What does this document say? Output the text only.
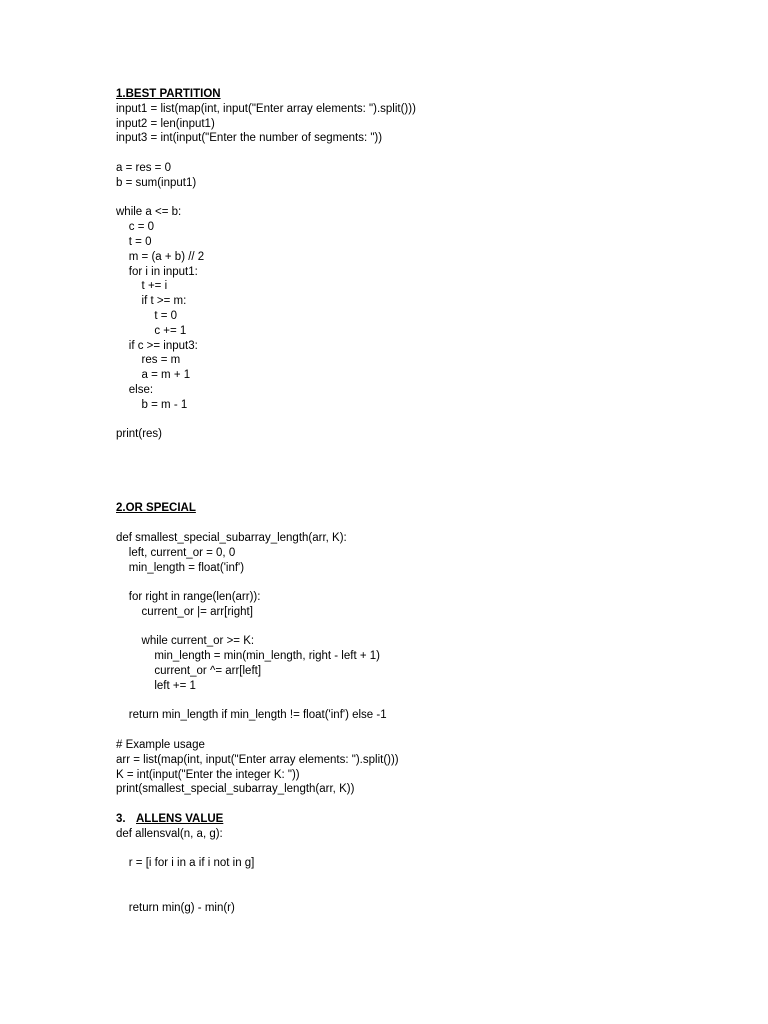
1.BEST PARTITION
input1 = list(map(int, input("Enter array elements: ").split()))
input2 = len(input1)
input3 = int(input("Enter the number of segments: "))
a = res = 0
b = sum(input1)
while a <= b:
c = 0
t = 0
m = (a + b) // 2
for i in input1:
t += i
if t >= m:
t = 0
c += 1
if c >= input3:
res = m
a = m + 1
else:
b = m - 1
print(res)
2.OR SPECIAL
def smallest_special_subarray_length(arr, K):
left, current_or = 0, 0
min_length = float('inf')
for right in range(len(arr)):
current_or |= arr[right]
while current_or >= K:
min_length = min(min_length, right - left + 1)
current_or ^= arr[left]
left += 1
return min_length if min_length != float('inf') else -1
# Example usage
arr = list(map(int, input("Enter array elements: ").split()))
K = int(input("Enter the integer K: "))
print(smallest_special_subarray_length(arr, K))
3. ALLENS VALUE
def allensval(n, a, g):
r = [i for i in a if i not in g]
return min(g) - min(r)
